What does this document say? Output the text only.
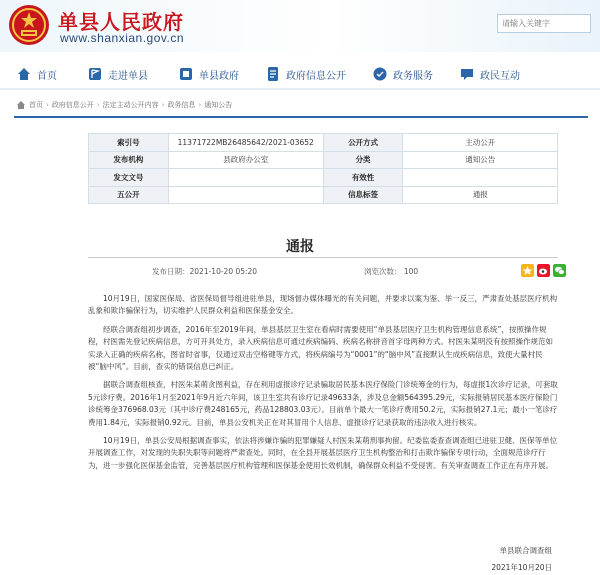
单县人民政府
www.shanxian.gov.cn
请输入关键字
首页	走进单县	单县政府	政府信息公开	政务服务	政民互动
首页 › 政府信息公开 › 法定主动公开内容 › 政务信息 › 通知公告
索引号	11371722MB26485642/2021-03652	公开方式	主动公开
发布机构	县政府办公室	分类	通知公告
发文文号		有效性	
五公开		信息标签	通报
通报
发布日期：2021-10-20 05:20	浏览次数： 100

10月19日，国家医保局、省医保局督导组进驻单县，现场督办媒体曝光的有关问题，并要求以案为鉴、举一反三，严肃查处基层医疗机构乱象和欺诈骗保行为，切实维护人民群众利益和医保基金安全。

经联合调查组初步调查，2016年至2019年间，单县基层卫生室在看病时需要使用“单县基层医疗卫生机构管理信息系统”，按照操作规程，村医需先登记疾病信息，方可开具处方，录入疾病信息可通过疾病编码、疾病名称拼音首字母两种方式。村医朱某明没有按照操作规范如实录入正确的疾病名称，图省时省事，仅通过双击空格键等方式，将疾病编号为“0001”的“脑中风”直接默认生成疾病信息，致使大量村民被“脑中风”。目前，查实的错误信息已纠正。

据联合调查组核查，村医朱某萌贪图利益，存在利用虚报诊疗记录骗取居民基本医疗保险门诊统筹金的行为，每虚报1次诊疗记录，可套取5元诊疗费。2016年1月至2021年9月近六年间，该卫生室共有诊疗记录49633条，涉及总金额564395.29元，实际报销居民基本医疗保险门诊统筹金376968.03元（其中诊疗费248165元，药品128803.03元）。目前单个最大一笔诊疗费用50.2元，实际报销27.1元；最小一笔诊疗费用1.84元，实际报销0.92元。目前，单县公安机关正在对其冒用个人信息、虚报诊疗记录获取的违法收入进行核实。

10月19日，单县公安局根据调查事实，依法将涉嫌诈骗的犯罪嫌疑人村医朱某萌刑事拘留。纪委监委查查调查组已进驻卫健、医保等单位开展调查工作，对发现的失职失职等问题将严肃查处。同时，在全县开展基层医疗卫生机构整治和打击欺诈骗保专项行动，全面规范诊疗行为，进一步强化医保基金监管，完善基层医疗机构管理和医保基金使用长效机制，确保群众利益不受侵害。有关审查调查工作正在有序开展。

单县联合调查组
2021年10月20日
